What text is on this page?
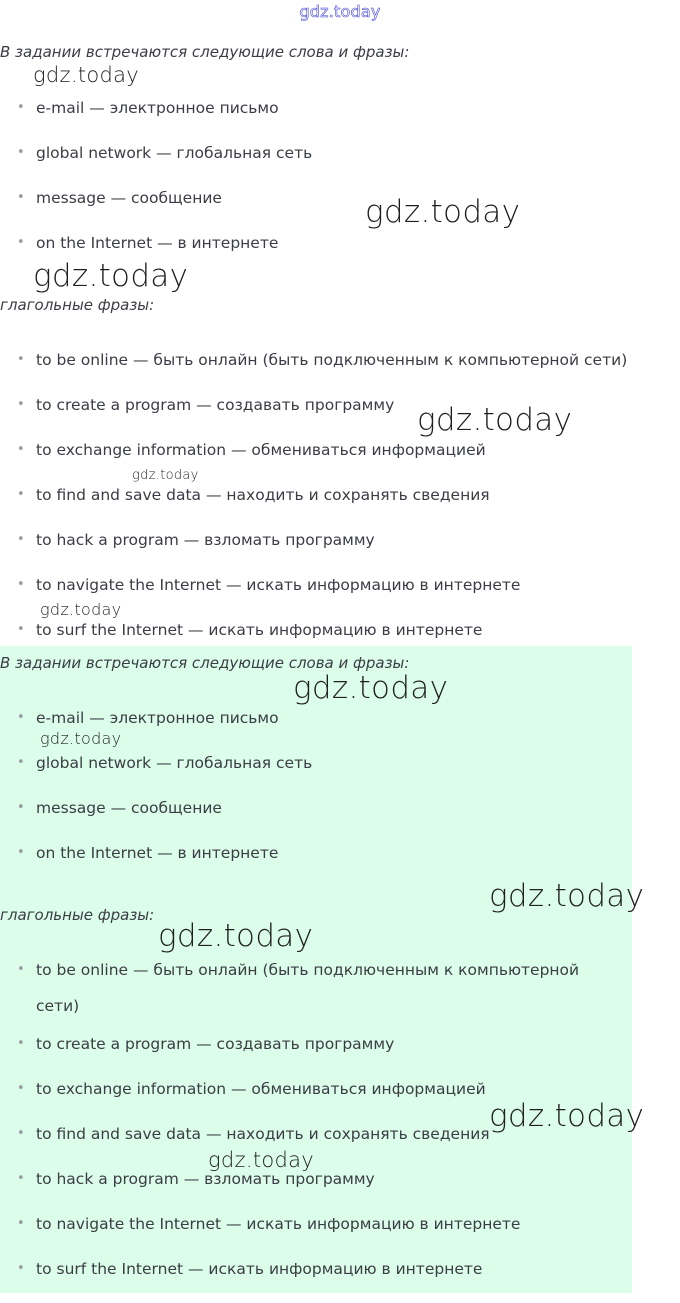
gdz.today

В задании встречаются следующие слова и фразы:

• e-mail — электронное письмо
• global network — глобальная сеть
• message — сообщение
• on the Internet — в интернете

глагольные фразы:

• to be online — быть онлайн (быть подключенным к компьютерной сети)
• to create a program — создавать программу
• to exchange information — обмениваться информацией
• to find and save data — находить и сохранять сведения
• to hack a program — взломать программу
• to navigate the Internet — искать информацию в интернете
• to surf the Internet — искать информацию в интернете

В задании встречаются следующие слова и фразы:

• e-mail — электронное письмо
• global network — глобальная сеть
• message — сообщение
• on the Internet — в интернете

глагольные фразы:

• to be online — быть онлайн (быть подключенным к компьютерной сети)
• to create a program — создавать программу
• to exchange information — обмениваться информацией
• to find and save data — находить и сохранять сведения
• to hack a program — взломать программу
• to navigate the Internet — искать информацию в интернете
• to surf the Internet — искать информацию в интернете
gdz.today
gdz.today
gdz.today
gdz.today
gdz.today
gdz.today
gdz.today
gdz.today
gdz.today
gdz.today
gdz.today
gdz.today
